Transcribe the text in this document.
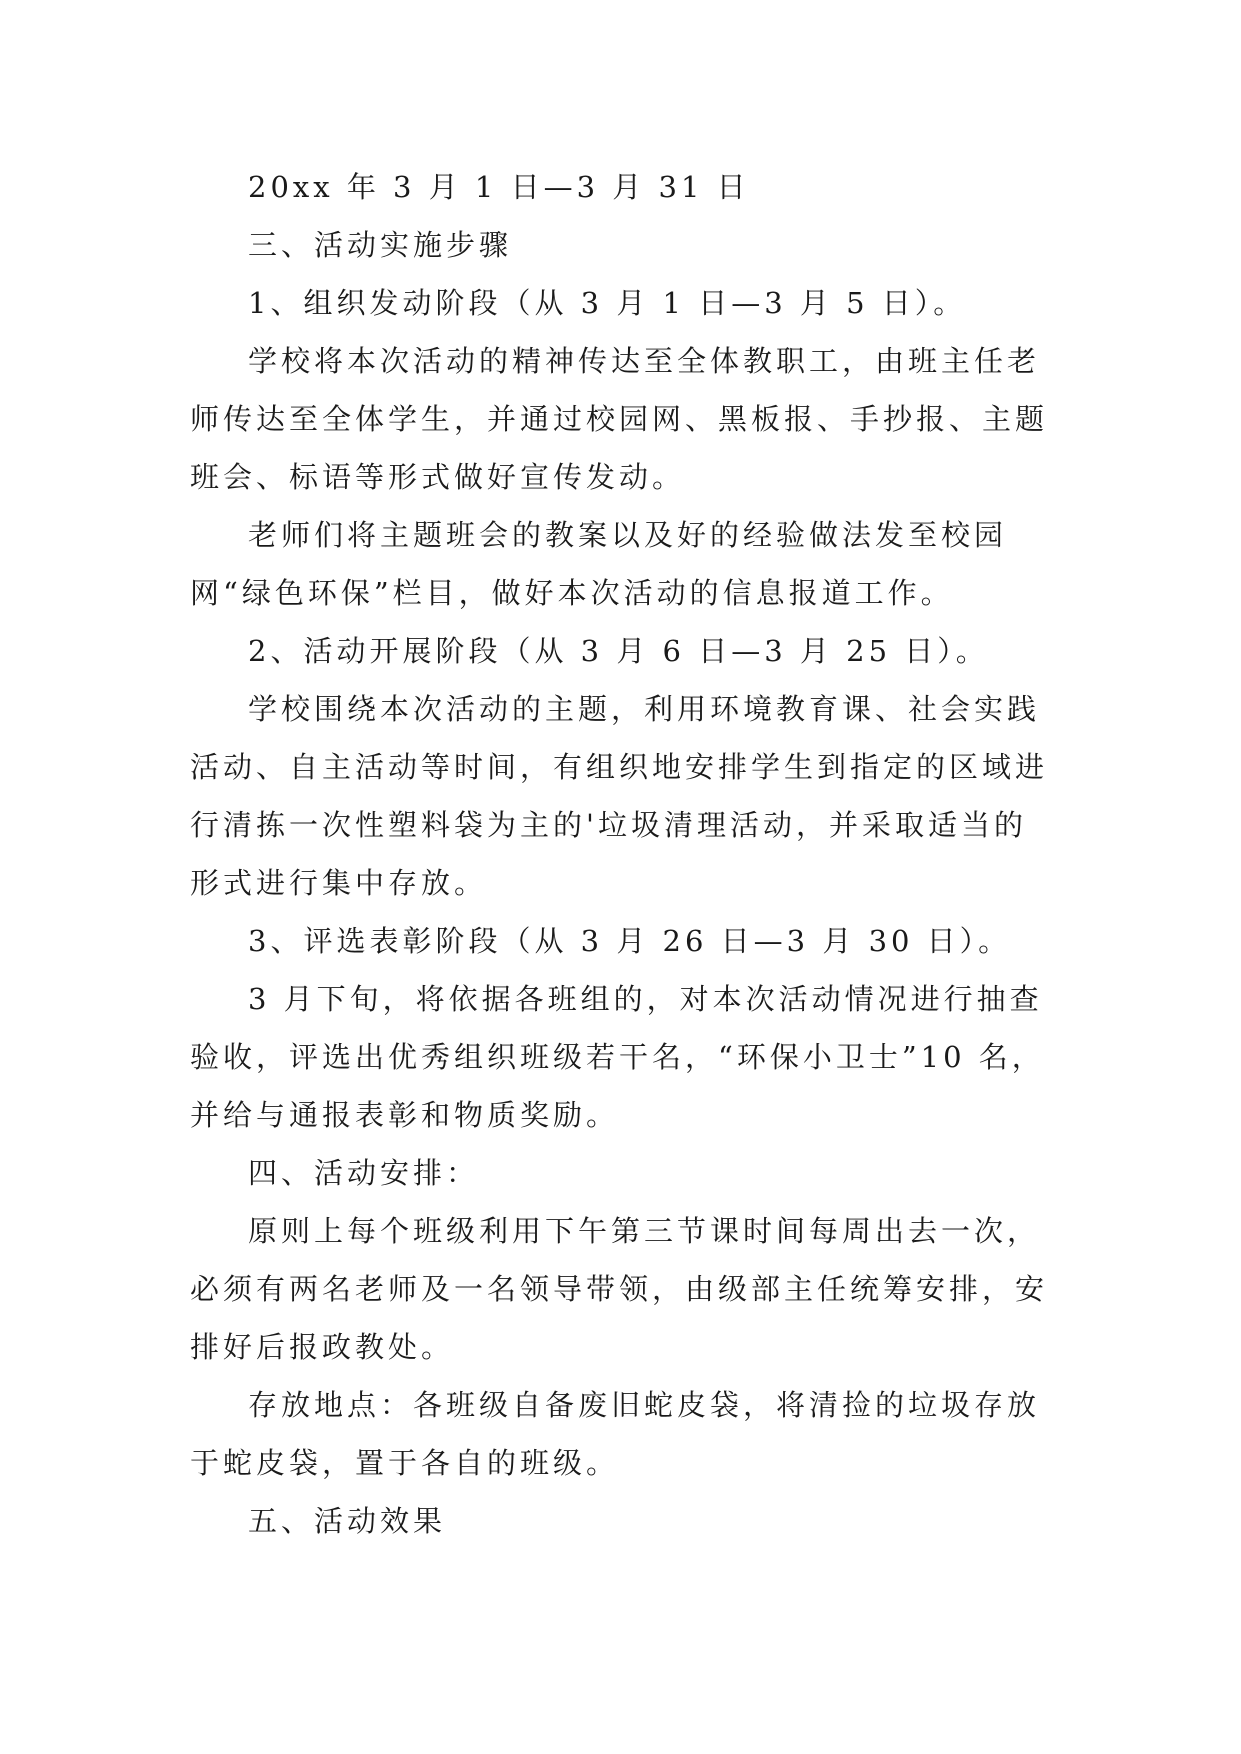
20xx 年 3 月 1 日—3 月 31 日

三、活动实施步骤

1、组织发动阶段（从 3 月 1 日—3 月 5 日）。

学校将本次活动的精神传达至全体教职工，由班主任老
师传达至全体学生，并通过校园网、黑板报、手抄报、主题
班会、标语等形式做好宣传发动。

老师们将主题班会的教案以及好的经验做法发至校园
网“绿色环保”栏目，做好本次活动的信息报道工作。

2、活动开展阶段（从 3 月 6 日—3 月 25 日）。

学校围绕本次活动的主题，利用环境教育课、社会实践
活动、自主活动等时间，有组织地安排学生到指定的区域进
行清拣一次性塑料袋为主的'垃圾清理活动，并采取适当的
形式进行集中存放。

3、评选表彰阶段（从 3 月 26 日—3 月 30 日）。

3 月下旬，将依据各班组的，对本次活动情况进行抽查
验收，评选出优秀组织班级若干名，“环保小卫士”10 名，
并给与通报表彰和物质奖励。

四、活动安排：

原则上每个班级利用下午第三节课时间每周出去一次，
必须有两名老师及一名领导带领，由级部主任统筹安排，安
排好后报政教处。

存放地点：各班级自备废旧蛇皮袋，将清捡的垃圾存放
于蛇皮袋，置于各自的班级。

五、活动效果
